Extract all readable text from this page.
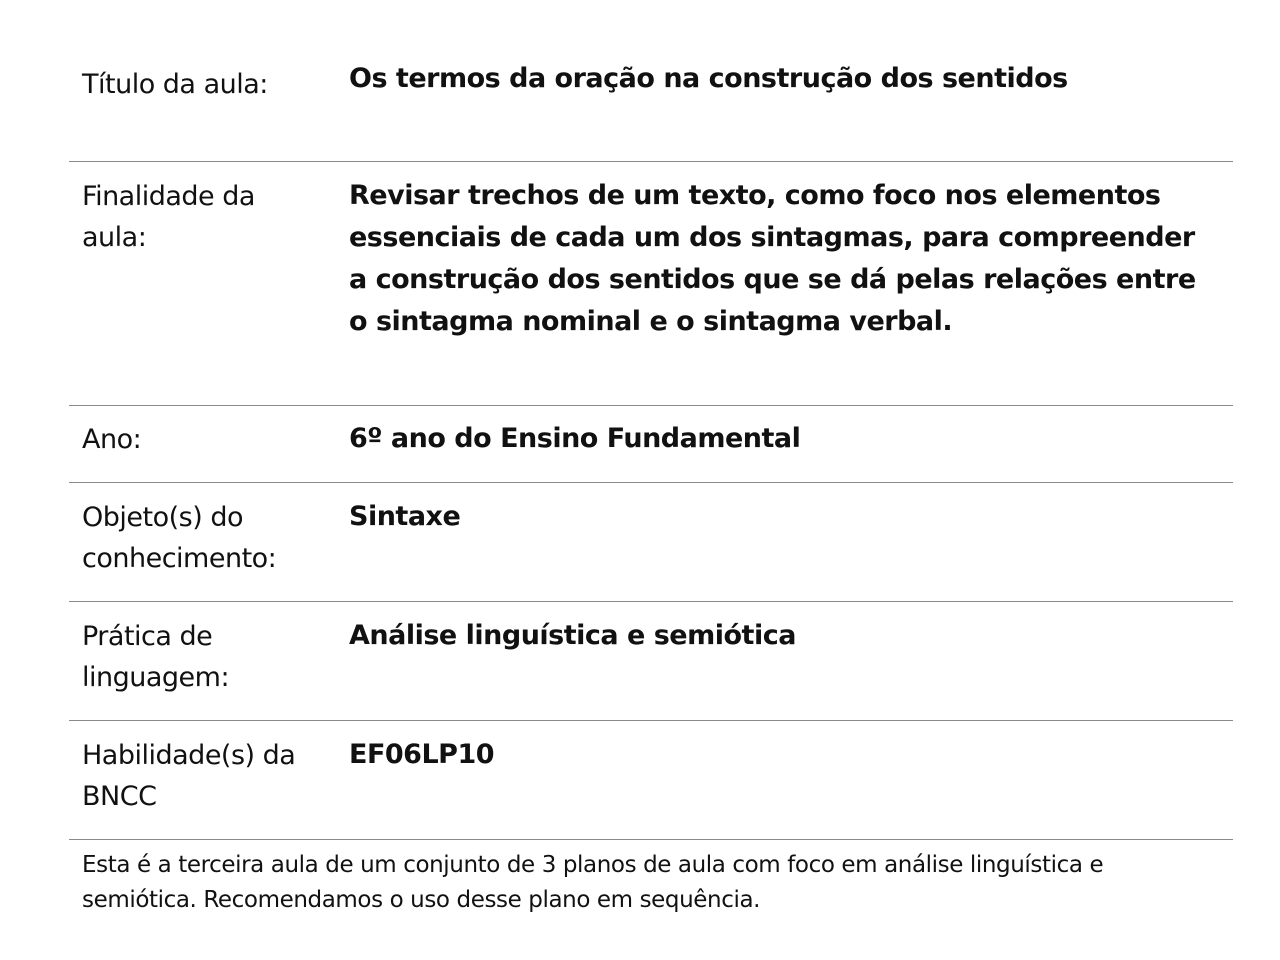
Título da aula:	Os termos da oração na construção dos sentidos
Finalidade da aula:
Revisar trechos de um texto, como foco nos elementos essenciais de cada um dos sintagmas, para compreender a construção dos sentidos que se dá pelas relações entre o sintagma nominal e o sintagma verbal.
Ano:	6º ano do Ensino Fundamental
Objeto(s) do conhecimento:
Sintaxe
Prática de linguagem:
Análise linguística e semiótica
Habilidade(s) da BNCC
EF06LP10
Esta é a terceira aula de um conjunto de 3 planos de aula com foco em análise linguística e semiótica. Recomendamos o uso desse plano em sequência.
